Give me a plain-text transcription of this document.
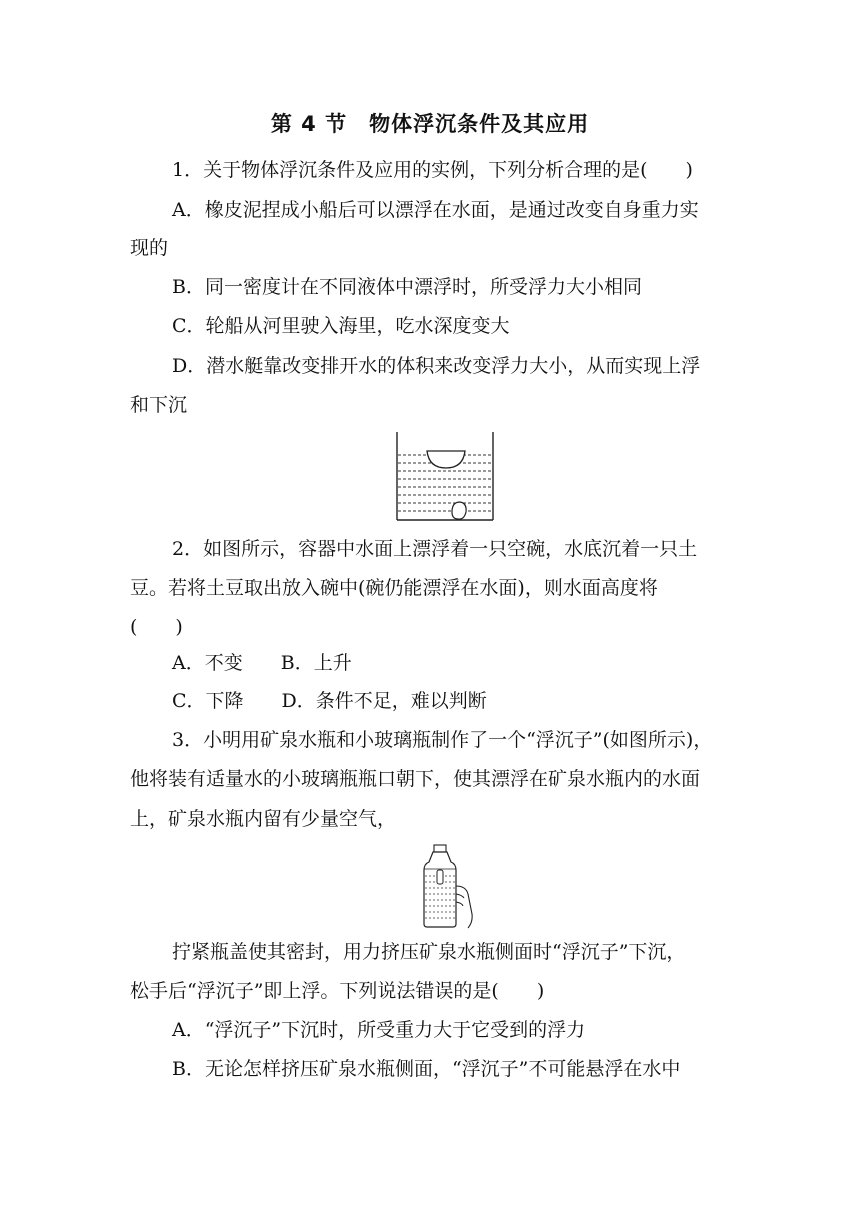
第 4 节　物体浮沉条件及其应用
1．关于物体浮沉条件及应用的实例，下列分析合理的是(　　)
A．橡皮泥捏成小船后可以漂浮在水面，是通过改变自身重力实
现的
B．同一密度计在不同液体中漂浮时，所受浮力大小相同
C．轮船从河里驶入海里，吃水深度变大
D．潜水艇靠改变排开水的体积来改变浮力大小，从而实现上浮
和下沉
2．如图所示，容器中水面上漂浮着一只空碗，水底沉着一只土
豆。若将土豆取出放入碗中(碗仍能漂浮在水面)，则水面高度将
(　　)
A．不变 B．上升
C．下降 D．条件不足，难以判断
3．小明用矿泉水瓶和小玻璃瓶制作了一个“浮沉子”(如图所示)，
他将装有适量水的小玻璃瓶瓶口朝下，使其漂浮在矿泉水瓶内的水面
上，矿泉水瓶内留有少量空气，
拧紧瓶盖使其密封，用力挤压矿泉水瓶侧面时“浮沉子”下沉，
松手后“浮沉子”即上浮。下列说法错误的是(　　)
A．“浮沉子”下沉时，所受重力大于它受到的浮力
B．无论怎样挤压矿泉水瓶侧面，“浮沉子”不可能悬浮在水中
